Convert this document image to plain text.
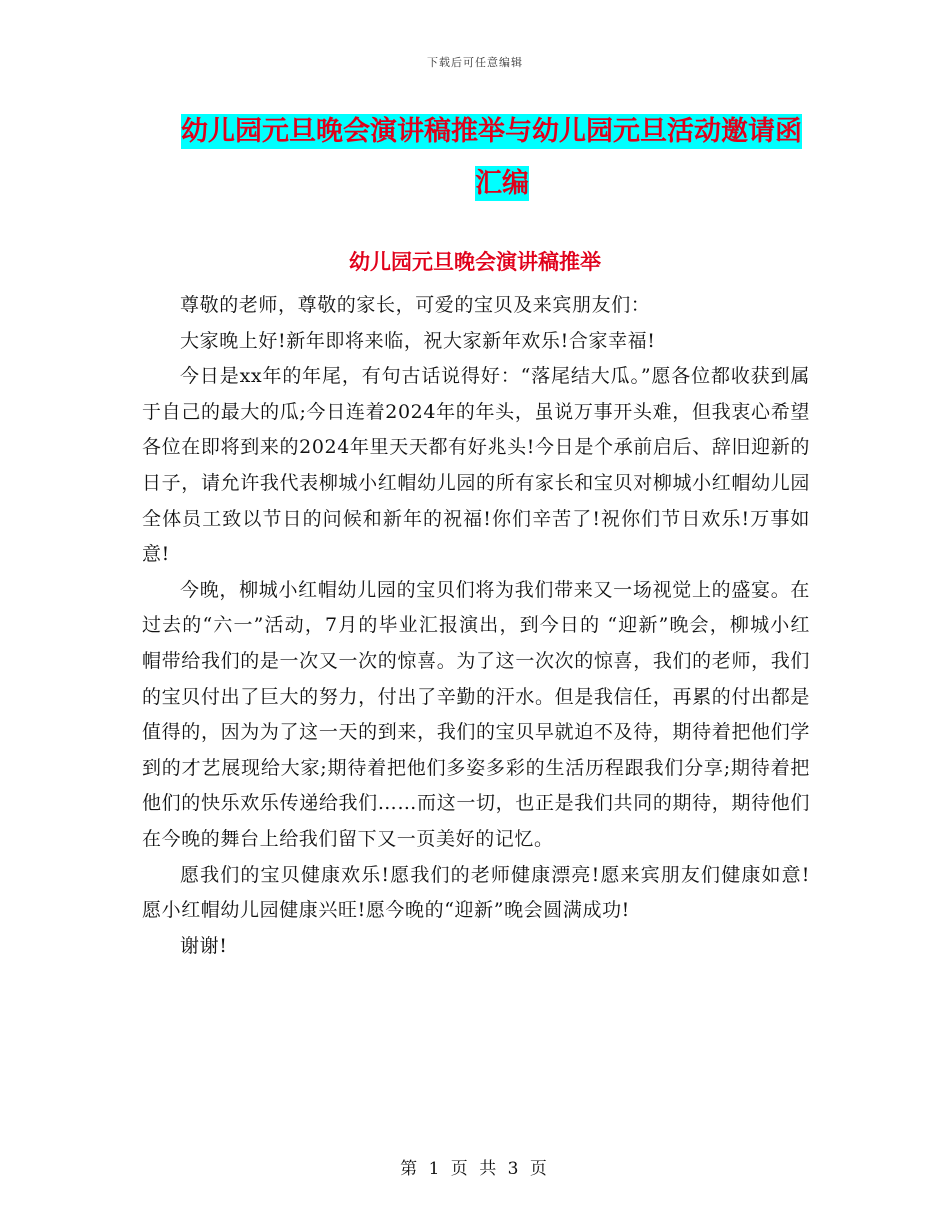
下载后可任意编辑
幼儿园元旦晚会演讲稿推举与幼儿园元旦活动邀请函
汇编
幼儿园元旦晚会演讲稿推举

尊敬的老师，尊敬的家长，可爱的宝贝及来宾朋友们：

大家晚上好!新年即将来临，祝大家新年欢乐!合家幸福!

今日是xx年的年尾，有句古话说得好：“落尾结大瓜。”愿各位都收获到属于自己的最大的瓜;今日连着2024年的年头，虽说万事开头难，但我衷心希望各位在即将到来的2024年里天天都有好兆头!今日是个承前启后、辞旧迎新的日子，请允许我代表柳城小红帽幼儿园的所有家长和宝贝对柳城小红帽幼儿园全体员工致以节日的问候和新年的祝福!你们辛苦了!祝你们节日欢乐!万事如意!

今晚，柳城小红帽幼儿园的宝贝们将为我们带来又一场视觉上的盛宴。在过去的“六一”活动，7月的毕业汇报演出，到今日的 “迎新”晚会，柳城小红帽带给我们的是一次又一次的惊喜。为了这一次次的惊喜，我们的老师，我们的宝贝付出了巨大的努力，付出了辛勤的汗水。但是我信任，再累的付出都是值得的，因为为了这一天的到来，我们的宝贝早就迫不及待，期待着把他们学到的才艺展现给大家;期待着把他们多姿多彩的生活历程跟我们分享;期待着把他们的快乐欢乐传递给我们……而这一切，也正是我们共同的期待，期待他们在今晚的舞台上给我们留下又一页美好的记忆。

愿我们的宝贝健康欢乐!愿我们的老师健康漂亮!愿来宾朋友们健康如意!愿小红帽幼儿园健康兴旺!愿今晚的“迎新”晚会圆满成功!

谢谢!

第 1 页 共 3 页
